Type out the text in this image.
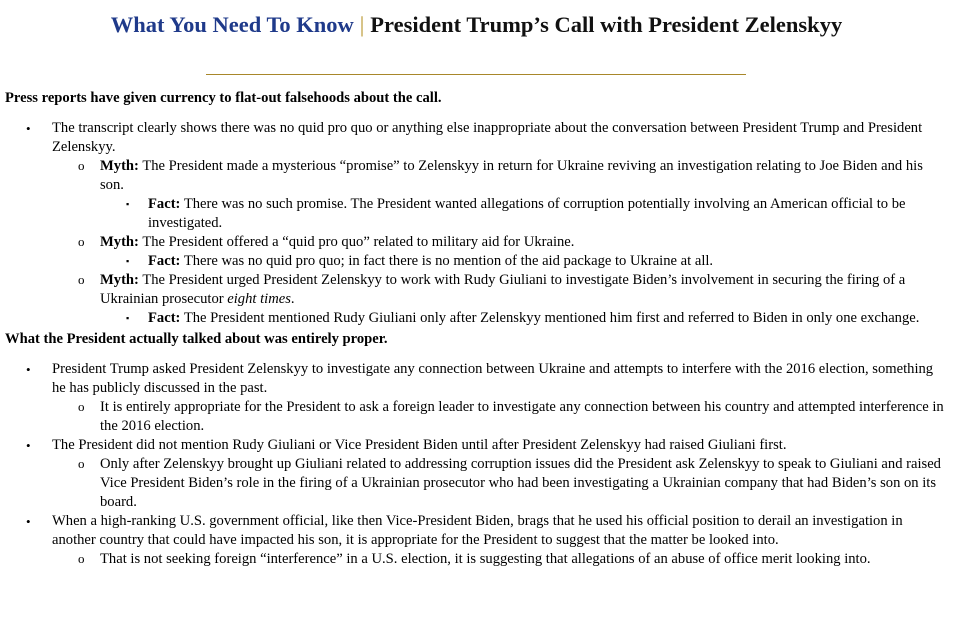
What You Need To Know | President Trump’s Call with President Zelenskyy

Press reports have given currency to flat-out falsehoods about the call.

• The transcript clearly shows there was no quid pro quo or anything else inappropriate about the conversation between President Trump and President Zelenskyy.
o Myth: The President made a mysterious “promise” to Zelenskyy in return for Ukraine reviving an investigation relating to Joe Biden and his son.
▪ Fact: There was no such promise. The President wanted allegations of corruption potentially involving an American official to be investigated.
o Myth: The President offered a “quid pro quo” related to military aid for Ukraine.
▪ Fact: There was no quid pro quo; in fact there is no mention of the aid package to Ukraine at all.
o Myth: The President urged President Zelenskyy to work with Rudy Giuliani to investigate Biden’s involvement in securing the firing of a Ukrainian prosecutor eight times.
▪ Fact: The President mentioned Rudy Giuliani only after Zelenskyy mentioned him first and referred to Biden in only one exchange.

What the President actually talked about was entirely proper.

• President Trump asked President Zelenskyy to investigate any connection between Ukraine and attempts to interfere with the 2016 election, something he has publicly discussed in the past.
o It is entirely appropriate for the President to ask a foreign leader to investigate any connection between his country and attempted interference in the 2016 election.
• The President did not mention Rudy Giuliani or Vice President Biden until after President Zelenskyy had raised Giuliani first.
o Only after Zelenskyy brought up Giuliani related to addressing corruption issues did the President ask Zelenskyy to speak to Giuliani and raised Vice President Biden’s role in the firing of a Ukrainian prosecutor who had been investigating a Ukrainian company that had Biden’s son on its board.
• When a high-ranking U.S. government official, like then Vice-President Biden, brags that he used his official position to derail an investigation in another country that could have impacted his son, it is appropriate for the President to suggest that the matter be looked into.
o That is not seeking foreign “interference” in a U.S. election, it is suggesting that allegations of an abuse of office merit looking into.
